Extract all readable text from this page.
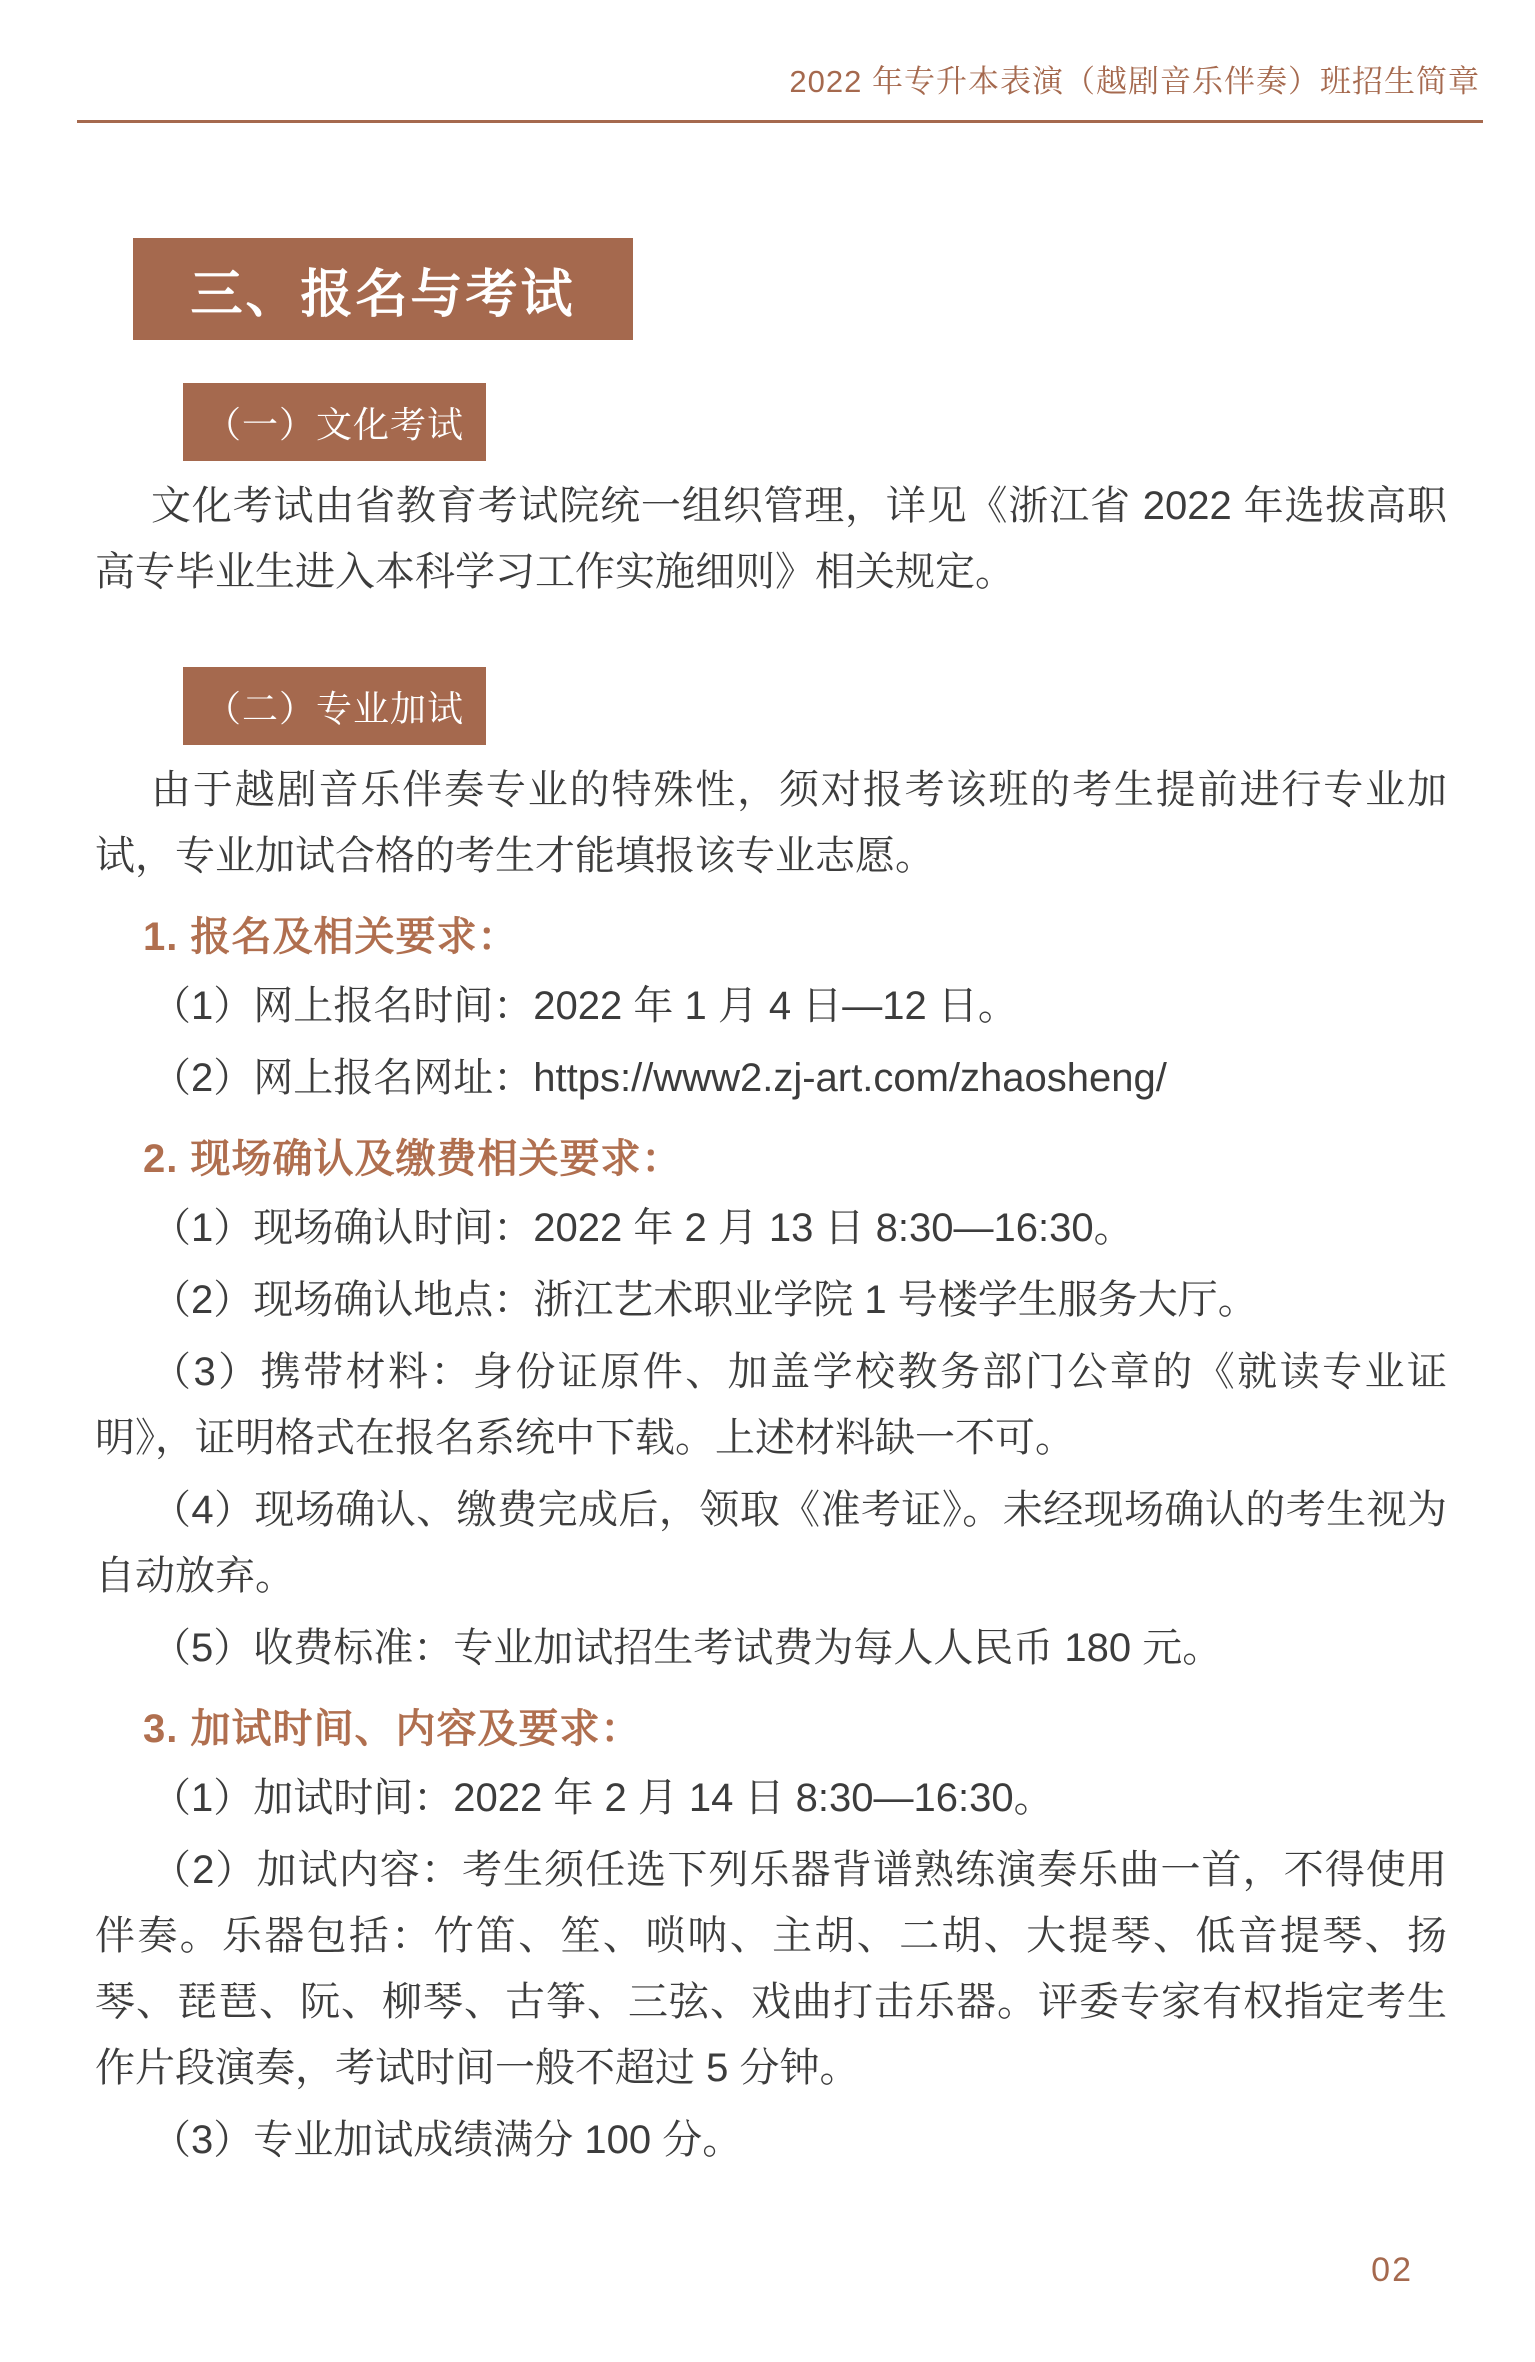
2022 年专升本表演（越剧音乐伴奏）班招生简章
三、报名与考试
（一）文化考试

文化考试由省教育考试院统一组织管理，详见《浙江省 2022 年选拔高职高专毕业生进入本科学习工作实施细则》相关规定。

（二）专业加试

由于越剧音乐伴奏专业的特殊性，须对报考该班的考生提前进行专业加试，专业加试合格的考生才能填报该专业志愿。

1. 报名及相关要求：

（1）网上报名时间：2022 年 1 月 4 日—12 日。

（2）网上报名网址：https://www2.zj-art.com/zhaosheng/

2. 现场确认及缴费相关要求：

（1）现场确认时间：2022 年 2 月 13 日 8:30—16:30。

（2）现场确认地点：浙江艺术职业学院 1 号楼学生服务大厅。

（3）携带材料：身份证原件、加盖学校教务部门公章的《就读专业证明》，证明格式在报名系统中下载。上述材料缺一不可。

（4）现场确认、缴费完成后，领取《准考证》。未经现场确认的考生视为自动放弃。

（5）收费标准：专业加试招生考试费为每人人民币 180 元。

3. 加试时间、内容及要求：

（1）加试时间：2022 年 2 月 14 日 8:30—16:30。

（2）加试内容：考生须任选下列乐器背谱熟练演奏乐曲一首，不得使用伴奏。乐器包括：竹笛、笙、唢呐、主胡、二胡、大提琴、低音提琴、扬琴、琵琶、阮、柳琴、古筝、三弦、戏曲打击乐器。评委专家有权指定考生作片段演奏，考试时间一般不超过 5 分钟。

（3）专业加试成绩满分 100 分。

02
